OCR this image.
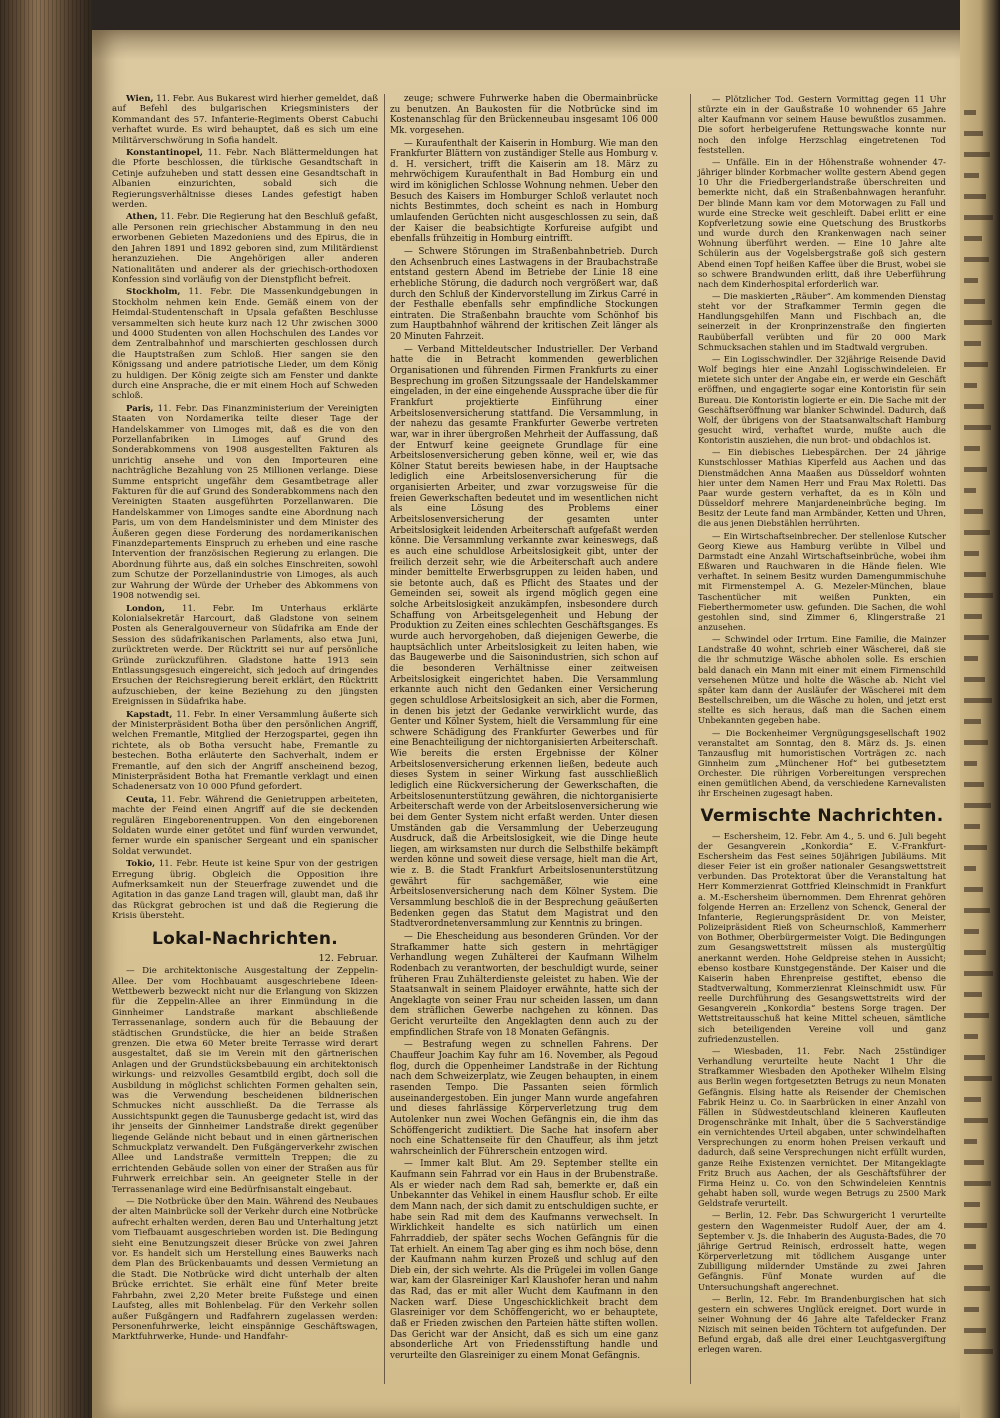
Wien, 11. Febr. Aus Bukarest wird hierher gemeldet, daß auf Befehl des bulgarischen Kriegsministers der Kommandant des 57. Infanterie-Regiments Oberst Cabuchi verhaftet wurde. Es wird behauptet, daß es sich um eine Militärverschwörung in Sofia handelt.

Konstantinopel, 11. Febr. Nach Blättermeldungen hat die Pforte beschlossen, die türkische Gesandtschaft in Cetinje aufzuheben und statt dessen eine Gesandtschaft in Albanien einzurichten, sobald sich die Regierungsverhältnisse dieses Landes gefestigt haben werden.

Athen, 11. Febr. Die Regierung hat den Beschluß gefaßt, alle Personen rein griechischer Abstammung in den neu erworbenen Gebieten Mazedoniens und des Epirus, die in den Jahren 1891 und 1892 geboren sind, zum Militärdienst heranzuziehen. Die Angehörigen aller anderen Nationalitäten und anderer als der griechisch-orthodoxen Konfession sind vorläufig von der Dienstpflicht befreit.

Stockholm, 11. Febr. Die Massenkundgebungen in Stockholm nehmen kein Ende. Gemäß einem von der Heimdal-Studentenschaft in Upsala gefaßten Beschlusse versammelten sich heute kurz nach 12 Uhr zwischen 3000 und 4000 Studenten von allen Hochschulen des Landes vor dem Zentralbahnhof und marschierten geschlossen durch die Hauptstraßen zum Schloß. Hier sangen sie den Königssang und andere patriotische Lieder, um dem König zu huldigen. Der König zeigte sich am Fenster und dankte durch eine Ansprache, die er mit einem Hoch auf Schweden schloß.

Paris, 11. Febr. Das Finanzministerium der Vereinigten Staaten von Nordamerika teilte dieser Tage der Handelskammer von Limoges mit, daß es die von den Porzellanfabriken in Limoges auf Grund des Sonderabkommens von 1908 ausgestellten Fakturen als unrichtig ansehe und von den Importeuren eine nachträgliche Bezahlung von 25 Millionen verlange. Diese Summe entspricht ungefähr dem Gesamtbetrage aller Fakturen für die auf Grund des Sonderabkommens nach den Vereinigten Staaten ausgeführten Porzellanwaren. Die Handelskammer von Limoges sandte eine Abordnung nach Paris, um von dem Handelsminister und dem Minister des Äußeren gegen diese Forderung des nordamerikanischen Finanzdepartements Einspruch zu erheben und eine rasche Intervention der französischen Regierung zu erlangen. Die Abordnung führte aus, daß ein solches Einschreiten, sowohl zum Schutze der Porzellanindustrie von Limoges, als auch zur Wahrung der Würde der Urheber des Abkommens von 1908 notwendig sei.

London, 11. Febr. Im Unterhaus erklärte Kolonialsekretär Harcourt, daß Gladstone von seinem Posten als Generalgouverneur von Südafrika am Ende der Session des südafrikanischen Parlaments, also etwa Juni, zurücktreten werde. Der Rücktritt sei nur auf persönliche Gründe zurückzuführen. Gladstone hatte 1913 sein Entlassungsgesuch eingereicht, sich jedoch auf dringendes Ersuchen der Reichsregierung bereit erklärt, den Rücktritt aufzuschieben, der keine Beziehung zu den jüngsten Ereignissen in Südafrika habe.

Kapstadt, 11. Febr. In einer Versammlung äußerte sich der Ministerpräsident Botha über den persönlichen Angriff, welchen Fremantle, Mitglied der Herzogspartei, gegen ihn richtete, als ob Botha versucht habe, Fremantle zu bestechen. Botha erläuterte den Sachverhalt, indem er Fremantle, auf den sich der Angriff anscheinend bezog, Ministerpräsident Botha hat Fremantle verklagt und einen Schadenersatz von 10 000 Pfund gefordert.

Ceuta, 11. Febr. Während die Genietruppen arbeiteten, machte der Feind einen Angriff auf die sie deckenden regulären Eingeborenentruppen. Von den eingeborenen Soldaten wurde einer getötet und fünf wurden verwundet, ferner wurde ein spanischer Sergeant und ein spanischer Soldat verwundet.

Tokio, 11. Febr. Heute ist keine Spur von der gestrigen Erregung übrig. Obgleich die Opposition ihre Aufmerksamkeit nun der Steuerfrage zuwendet und die Agitation in das ganze Land tragen will, glaubt man, daß ihr das Rückgrat gebrochen ist und daß die Regierung die Krisis übersteht.

Lokal-Nachrichten.
12. Februar.

— Die architektonische Ausgestaltung der Zeppelin-Allee. Der vom Hochbauamt ausgeschriebene Ideen-Wettbewerb bezweckt nicht nur die Erlangung von Skizzen für die Zeppelin-Allee an ihrer Einmündung in die Ginnheimer Landstraße markant abschließende Terrassenanlage, sondern auch für die Bebauung der städtischen Grundstücke, die hier an beide Straßen grenzen. Die etwa 60 Meter breite Terrasse wird derart ausgestaltet, daß sie im Verein mit den gärtnerischen Anlagen und der Grundstücksbebauung ein architektonisch wirkungs- und reizvolles Gesamtbild ergibt, doch soll die Ausbildung in möglichst schlichten Formen gehalten sein, was die Verwendung bescheidenen bildnerischen Schmuckes nicht ausschließt. Da die Terrasse als Aussichtspunkt gegen die Taunusberge gedacht ist, wird das ihr jenseits der Ginnheimer Landstraße direkt gegenüber liegende Gelände nicht bebaut und in einen gärtnerischen Schmuckplatz verwandelt. Den Fußgängerverkehr zwischen Allee und Landstraße vermitteln Treppen; die zu errichtenden Gebäude sollen von einer der Straßen aus für Fuhrwerk erreichbar sein. An geeigneter Stelle in der Terrassenanlage wird eine Bedürfnisanstalt eingebaut.

— Die Notbrücke über den Main. Während des Neubaues der alten Mainbrücke soll der Verkehr durch eine Notbrücke aufrecht erhalten werden, deren Bau und Unterhaltung jetzt vom Tiefbauamt ausgeschrieben worden ist. Die Bedingung sieht eine Benutzungszeit dieser Brücke von zwei Jahren vor. Es handelt sich um Herstellung eines Bauwerks nach dem Plan des Brückenbauamts und dessen Vermietung an die Stadt. Die Notbrücke wird dicht unterhalb der alten Brücke errichtet. Sie erhält eine fünf Meter breite Fahrbahn, zwei 2,20 Meter breite Fußstege und einen Laufsteg, alles mit Bohlenbelag. Für den Verkehr sollen außer Fußgängern und Radfahrern zugelassen werden: Personenfuhrwerke, leicht einspännige Geschäftswagen, Marktfuhrwerke, Hunde- und Handfahr-

zeuge; schwere Fuhrwerke haben die Obermainbrücke zu benutzen. An Baukosten für die Notbrücke sind im Kostenanschlag für den Brückenneubau insgesamt 106 000 Mk. vorgesehen.

— Kuraufenthalt der Kaiserin in Homburg. Wie man den Frankfurter Blättern von zuständiger Stelle aus Homburg v. d. H. versichert, trifft die Kaiserin am 18. März zu mehrwöchigem Kuraufenthalt in Bad Homburg ein und wird im königlichen Schlosse Wohnung nehmen. Ueber den Besuch des Kaisers im Homburger Schloß verlautet noch nichts Bestimmtes, doch scheint es nach in Homburg umlaufenden Gerüchten nicht ausgeschlossen zu sein, daß der Kaiser die beabsichtigte Korfureise aufgibt und ebenfalls frühzeitig in Homburg eintrifft.

— Schwere Störungen im Straßenbahnbetrieb. Durch den Achsenbruch eines Lastwagens in der Braubachstraße entstand gestern Abend im Betriebe der Linie 18 eine erhebliche Störung, die dadurch noch vergrößert war, daß durch den Schluß der Kindervorstellung im Zirkus Carré in der Festhalle ebenfalls sehr empfindliche Stockungen eintraten. Die Straßenbahn brauchte vom Schönhof bis zum Hauptbahnhof während der kritischen Zeit länger als 20 Minuten Fahrzeit.

— Verband Mitteldeutscher Industrieller. Der Verband hatte die in Betracht kommenden gewerblichen Organisationen und führenden Firmen Frankfurts zu einer Besprechung im großen Sitzungssaale der Handelskammer eingeladen, in der eine eingehende Aussprache über die für Frankfurt projektierte Einführung einer Arbeitslosenversicherung stattfand. Die Versammlung, in der nahezu das gesamte Frankfurter Gewerbe vertreten war, war in ihrer übergroßen Mehrheit der Auffassung, daß der Entwurf keine geeignete Grundlage für eine Arbeitslosenversicherung geben könne, weil er, wie das Kölner Statut bereits bewiesen habe, in der Hauptsache lediglich eine Arbeitslosenversicherung für die organisierten Arbeiter, und zwar vorzugsweise für die freien Gewerkschaften bedeutet und im wesentlichen nicht als eine Lösung des Problems einer Arbeitslosenversicherung der gesamten unter Arbeitslosigkeit leidenden Arbeiterschaft aufgefaßt werden könne. Die Versammlung verkannte zwar keineswegs, daß es auch eine schuldlose Arbeitslosigkeit gibt, unter der freilich derzeit sehr, wie die Arbeiterschaft auch andere minder bemittelte Erwerbsgruppen zu leiden haben, und sie betonte auch, daß es Pflicht des Staates und der Gemeinden sei, soweit als irgend möglich gegen eine solche Arbeitslosigkeit anzukämpfen, insbesondere durch Schaffung von Arbeitsgelegenheit und Hebung der Produktion zu Zeiten eines schlechten Geschäftsganges. Es wurde auch hervorgehoben, daß diejenigen Gewerbe, die hauptsächlich unter Arbeitslosigkeit zu leiten haben, wie das Baugewerbe und die Saisonindustrien, sich schon auf die besonderen Verhältnisse einer zeitweisen Arbeitslosigkeit eingerichtet haben. Die Versammlung erkannte auch nicht den Gedanken einer Versicherung gegen schuldlose Arbeitslosigkeit an sich, aber die Formen, in denen bis jetzt der Gedanke verwirklicht wurde, das Genter und Kölner System, hielt die Versammlung für eine schwere Schädigung des Frankfurter Gewerbes und für eine Benachteiligung der nichtorganisierten Arbeiterschaft. Wie bereits die ersten Ergebnisse der Kölner Arbeitslosenversicherung erkennen ließen, bedeute auch dieses System in seiner Wirkung fast ausschließlich lediglich eine Rückversicherung der Gewerkschaften, die Arbeitslosenunterstützung gewähren, die nichtorganisierte Arbeiterschaft werde von der Arbeitslosenversicherung wie bei dem Genter System nicht erfaßt werden. Unter diesen Umständen gab die Versammlung der Ueberzeugung Ausdruck, daß die Arbeitslosigkeit, wie die Dinge heute liegen, am wirksamsten nur durch die Selbsthilfe bekämpft werden könne und soweit diese versage, hielt man die Art, wie z. B. die Stadt Frankfurt Arbeitslosenunterstützung gewährt für sachgemäßer, wie eine Arbeitslosenversicherung nach dem Kölner System. Die Versammlung beschloß die in der Besprechung geäußerten Bedenken gegen das Statut dem Magistrat und den Stadtverordnetenversammlung zur Kenntnis zu bringen.

— Die Ehescheidung aus besonderen Gründen. Vor der Strafkammer hatte sich gestern in mehrtägiger Verhandlung wegen Zuhälterei der Kaufmann Wilhelm Rodenbach zu verantworten, der beschuldigt wurde, seiner früheren Frau Zuhälterdienste geleistet zu haben. Wie der Staatsanwalt in seinem Plaidoyer erwähnte, hatte sich der Angeklagte von seiner Frau nur scheiden lassen, um dann dem sträflichen Gewerbe nachgehen zu können. Das Gericht verurteilte den Angeklagten denn auch zu der empfindlichen Strafe von 18 Monaten Gefängnis.

— Bestrafung wegen zu schnellen Fahrens. Der Chauffeur Joachim Kay fuhr am 16. November, als Pegoud flog, durch die Oppenheimer Landstraße in der Richtung nach dem Schweizerplatz, wie Zeugen behaupten, in einem rasenden Tempo. Die Passanten seien förmlich auseinandergestoben. Ein junger Mann wurde angefahren und dieses fahrlässige Körperverletzung trug dem Autolenker nun zwei Wochen Gefängnis ein, die ihm das Schöffengericht zudiktiert. Die Sache hat insofern aber noch eine Schattenseite für den Chauffeur, als ihm jetzt wahrscheinlich der Führerschein entzogen wird.

— Immer kalt Blut. Am 29. September stellte ein Kaufmann sein Fahrrad vor ein Haus in der Brubenstraße. Als er wieder nach dem Rad sah, bemerkte er, daß ein Unbekannter das Vehikel in einem Hausflur schob. Er eilte dem Mann nach, der sich damit zu entschuldigen suchte, er habe sein Rad mit dem des Kaufmanns verwechselt. In Wirklichkeit handelte es sich natürlich um einen Fahrraddieb, der später sechs Wochen Gefängnis für die Tat erhielt. An einem Tag aber ging es ihm noch böse, denn der Kaufmann nahm kurzen Prozeß und schlug auf den Dieb ein, der sich wehrte. Als die Prügelei im vollen Gange war, kam der Glasreiniger Karl Klaushofer heran und nahm das Rad, das er mit aller Wucht dem Kaufmann in den Nacken warf. Diese Ungeschicklichkeit bracht dem Glasreiniger vor dem Schöffengericht, wo er behauptete, daß er Frieden zwischen den Parteien hätte stiften wollen. Das Gericht war der Ansicht, daß es sich um eine ganz absonderliche Art von Friedensstiftung handle und verurteilte den Glasreiniger zu einem Monat Gefängnis.

— Plötzlicher Tod. Gestern Vormittag gegen 11 Uhr stürzte ein in der Gaußstraße 10 wohnender 65 Jahre alter Kaufmann vor seinem Hause bewußtlos zusammen. Die sofort herbeigerufene Rettungswache konnte nur noch den infolge Herzschlag eingetretenen Tod feststellen.

— Unfälle. Ein in der Höhenstraße wohnender 47-jähriger blinder Korbmacher wollte gestern Abend gegen 10 Uhr die Friedbergerlandstraße überschreiten und bemerkte nicht, daß ein Straßenbahnwagen heranfuhr. Der blinde Mann kam vor dem Motorwagen zu Fall und wurde eine Strecke weit geschleift. Dabei erlitt er eine Kopfverletzung sowie eine Quetschung des Brustkorbs und wurde durch den Krankenwagen nach seiner Wohnung überführt werden. — Eine 10 Jahre alte Schülerin aus der Vogelsbergstraße goß sich gestern Abend einen Topf heißen Kaffee über die Brust, wobei sie so schwere Brandwunden erlitt, daß ihre Ueberführung nach dem Kinderhospital erforderlich war.

— Die maskierten „Räuber“. Am kommenden Dienstag steht vor der Strafkammer Termin gegen die Handlungsgehilfen Mann und Fischbach an, die seinerzeit in der Kronprinzenstraße den fingierten Raubüberfall verübten und für 20 000 Mark Schmucksachen stahlen und im Stadtwald vergruben.

— Ein Logisschwindler. Der 32jährige Reisende David Wolf begings hier eine Anzahl Logisschwindeleien. Er mietete sich unter der Angabe ein, er werde ein Geschäft eröffnen, und engagierte sogar eine Kontoristin für sein Bureau. Die Kontoristin logierte er ein. Die Sache mit der Geschäftseröffnung war blanker Schwindel. Dadurch, daß Wolf, der übrigens von der Staatsanwaltschaft Hamburg gesucht wird, verhaftet wurde, mußte auch die Kontoristin ausziehen, die nun brot- und obdachlos ist.

— Ein diebisches Liebespärchen. Der 24 jährige Kunstschlosser Mathias Kiperfeld aus Aachen und das Dienstmädchen Anna Maaßen aus Düsseldorf wohnten hier unter dem Namen Herr und Frau Max Roletti. Das Paar wurde gestern verhaftet, da es in Köln und Düsseldorf mehrere Manjardeneinbrüche beging. Im Besitz der Leute fand man Armbänder, Ketten und Uhren, die aus jenen Diebstählen herrührten.

— Ein Wirtschaftseinbrecher. Der stellenlose Kutscher Georg Kiewe aus Hamburg verübte in Vilbel und Darmstadt eine Anzahl Wirtschaftseinbrüche, wobei ihm Eßwaren und Rauchwaren in die Hände fielen. Wie verhaftet. In seinem Besitz wurden Damengummischuhe mit Firmenstempel A. G. Mezeler-München, blaue Taschentücher mit weißen Punkten, ein Fieberthermometer usw. gefunden. Die Sachen, die wohl gestohlen sind, sind Zimmer 6, Klingerstraße 21 anzusehen.

— Schwindel oder Irrtum. Eine Familie, die Mainzer Landstraße 40 wohnt, schrieb einer Wäscherei, daß sie die ihr schmutzige Wäsche abholen solle. Es erschien bald danach ein Mann mit einer mit einem Firmenschild versehenen Mütze und holte die Wäsche ab. Nicht viel später kam dann der Ausläufer der Wäscherei mit dem Bestellschreiben, um die Wäsche zu holen, und jetzt erst stellte es sich heraus, daß man die Sachen einem Unbekannten gegeben habe.

— Die Bockenheimer Vergnügungsgesellschaft 1902 veranstaltet am Sonntag, den 8. März ds. Js. einen Tanzausflug mit humoristischen Vorträgen zc. nach Ginnheim zum „Münchener Hof“ bei gutbesetztem Orchester. Die rührigen Vorbereitungen versprechen einen gemütlichen Abend, da verschiedene Karnevalisten ihr Erscheinen zugesagt haben.

Vermischte Nachrichten.

— Eschersheim, 12. Febr. Am 4., 5. und 6. Juli begeht der Gesangverein „Konkordia“ E. V.-Frankfurt-Eschersheim das Fest seines 50jährigen Jubiläums. Mit dieser Feier ist ein großer nationaler Gesangswettstreit verbunden. Das Protektorat über die Veranstaltung hat Herr Kommerzienrat Gottfried Kleinschmidt in Frankfurt a. M.-Eschersheim übernommen. Dem Ehrenrat gehören folgende Herren an: Erzellenz von Schenck, General der Infanterie, Regierungspräsident Dr. von Meister, Polizeipräsident Rieß von Scheurnschloß, Kammerherr von Bothmer, Oberbürgermeister Voigt. Die Bedingungen zum Gesangswettstreit müssen als mustergültig anerkannt werden. Hohe Geldpreise stehen in Aussicht; ebenso kostbare Kunstgegenstände. Der Kaiser und die Kaiserin haben Ehrenpreise gestiftet, ebenso die Stadtverwaltung, Kommerzienrat Kleinschmidt usw. Für reelle Durchführung des Gesangswettstreits wird der Gesangverein „Konkordia“ bestens Sorge tragen. Der Wettstreitausschuß hat keine Mittel scheuen, sämtliche sich beteiligenden Vereine voll und ganz zufriedenzustellen.

— Wiesbaden, 11. Febr. Nach 25stündiger Verhandlung verurteilte heute Nacht 1 Uhr die Strafkammer Wiesbaden den Apotheker Wilhelm Elsing aus Berlin wegen fortgesetzten Betrugs zu neun Monaten Gefängnis. Elsing hatte als Reisender der Chemischen Fabrik Heinz u. Co. in Saarbrücken in einer Anzahl von Fällen in Südwestdeutschland kleineren Kaufleuten Drogenschränke mit Inhalt, über die 5 Sachverständige ein vernichtendes Urteil abgaben, unter schwindelhaften Versprechungen zu enorm hohen Preisen verkauft und dadurch, daß seine Versprechungen nicht erfüllt wurden, ganze Reihe Existenzen vernichtet. Der Mitangeklagte Fritz Bruch aus Aachen, der als Geschäftsführer der Firma Heinz u. Co. von den Schwindeleien Kenntnis gehabt haben soll, wurde wegen Betrugs zu 2500 Mark Geldstrafe verurteilt.

— Berlin, 12. Febr. Das Schwurgericht 1 verurteilte gestern den Wagenmeister Rudolf Auer, der am 4. September v. Js. die Inhaberin des Augusta-Bades, die 70 jährige Gertrud Reinisch, erdrosselt hatte, wegen Körperverletzung mit tödlichem Ausgange unter Zubilligung mildernder Umstände zu zwei Jahren Gefängnis. Fünf Monate wurden auf die Untersuchungshaft angerechnet.

— Berlin, 12. Febr. Im Brandenburgischen hat sich gestern ein schweres Unglück ereignet. Dort wurde in seiner Wohnung der 46 Jahre alte Tafeldecker Franz Nizisch mit seinen beiden Töchtern tot aufgefunden. Der Befund ergab, daß alle drei einer Leuchtgasvergiftung erlegen waren.
